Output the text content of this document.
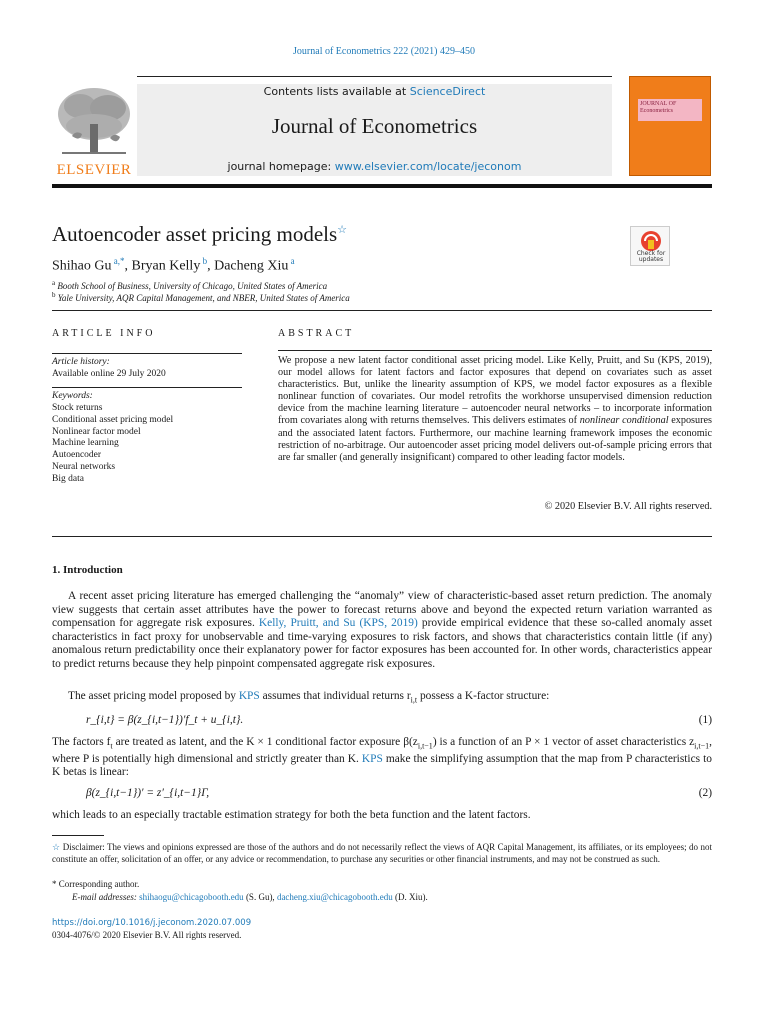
Journal of Econometrics 222 (2021) 429–450
Contents lists available at ScienceDirect
Journal of Econometrics
journal homepage: www.elsevier.com/locate/jeconom
ELSEVIER
JOURNAL OF Econometrics
Autoencoder asset pricing models☆
Check for updates
Shihao Gu $^{a,*}$, Bryan Kelly $^b$, Dacheng Xiu $^a$
$^a$ Booth School of Business, University of Chicago, United States of America
$^b$ Yale University, AQR Capital Management, and NBER, United States of America
ARTICLE INFO	ABSTRACT
Article history:
Available online 29 July 2020
Keywords:
Stock returns
Conditional asset pricing model
Nonlinear factor model
Machine learning
Autoencoder
Neural networks
Big data
We propose a new latent factor conditional asset pricing model. Like Kelly, Pruitt, and Su (KPS, 2019), our model allows for latent factors and factor exposures that depend on covariates such as asset characteristics. But, unlike the linearity assumption of KPS, we model factor exposures as a flexible nonlinear function of covariates. Our model retrofits the workhorse unsupervised dimension reduction device from the machine learning literature – autoencoder neural networks – to incorporate information from covariates along with returns themselves. This delivers estimates of nonlinear conditional exposures and the associated latent factors. Furthermore, our machine learning framework imposes the economic restriction of no-arbitrage. Our autoencoder asset pricing model delivers out-of-sample pricing errors that are far smaller (and generally insignificant) compared to other leading factor models.
© 2020 Elsevier B.V. All rights reserved.
1. Introduction
A recent asset pricing literature has emerged challenging the “anomaly” view of characteristic-based asset return prediction. The anomaly view suggests that certain asset attributes have the power to forecast returns above and beyond the expected return variation warranted as compensation for aggregate risk exposures. Kelly, Pruitt, and Su (KPS, 2019) provide empirical evidence that these so-called anomaly asset characteristics in fact proxy for unobservable and time-varying exposures to risk factors, and shows that characteristics contain little (if any) anomalous return predictability once their explanatory power for factor exposures has been accounted for. In other words, characteristics appear to predict returns because they help pinpoint compensated aggregate risk exposures.
The asset pricing model proposed by KPS assumes that individual returns $r_{i,t}$ possess a K-factor structure:
r_{i,t} = β(z_{i,t−1})′f_t + u_{i,t}.	(1)
The factors $f_t$ are treated as latent, and the K × 1 conditional factor exposure $\beta(z_{i,t-1})$ is a function of an P × 1 vector of asset characteristics $z_{i,t-1}$, where P is potentially high dimensional and strictly greater than K. KPS make the simplifying assumption that the map from P characteristics to K betas is linear:
β(z_{i,t−1})′ = z′_{i,t−1}Γ,	(2)
which leads to an especially tractable estimation strategy for both the beta function and the latent factors.
☆ Disclaimer: The views and opinions expressed are those of the authors and do not necessarily reflect the views of AQR Capital Management, its affiliates, or its employees; do not constitute an offer, solicitation of an offer, or any advice or recommendation, to purchase any securities or other financial instruments, and may not be construed as such.
* Corresponding author.
E-mail addresses: shihaogu@chicagobooth.edu (S. Gu), dacheng.xiu@chicagobooth.edu (D. Xiu).
https://doi.org/10.1016/j.jeconom.2020.07.009
0304-4076/© 2020 Elsevier B.V. All rights reserved.
